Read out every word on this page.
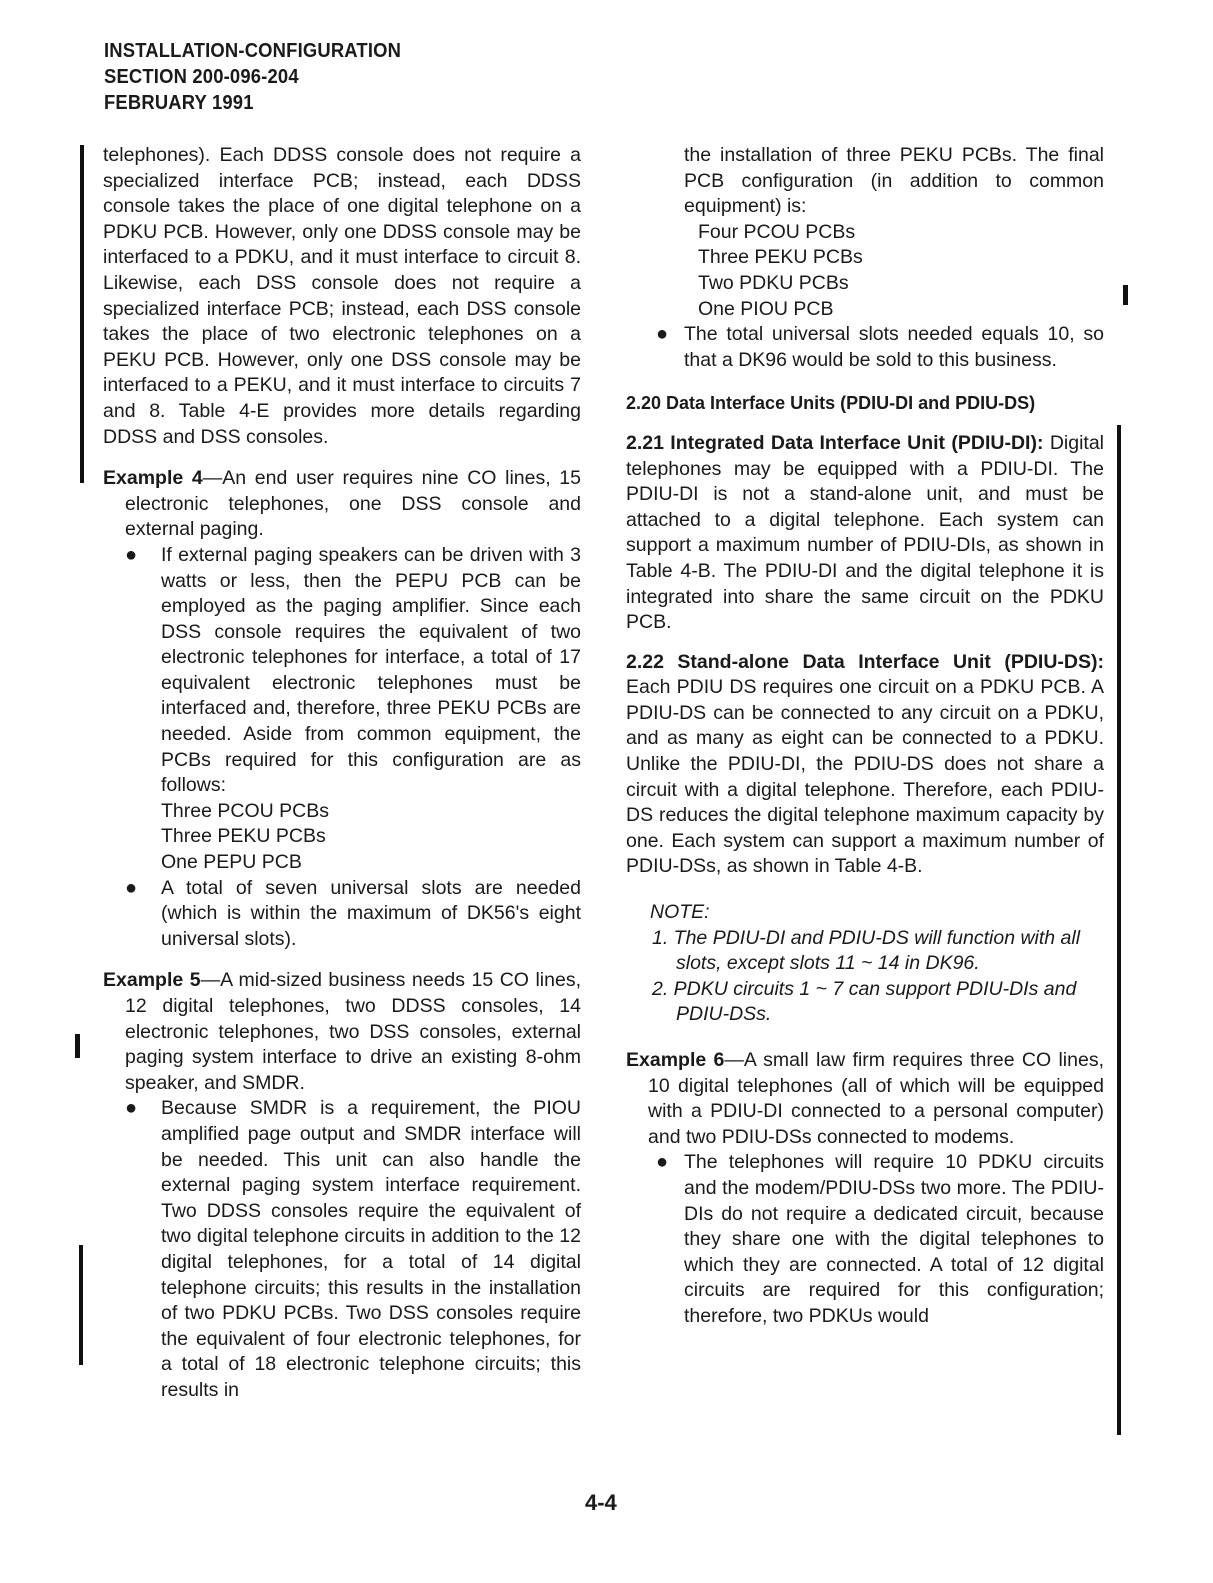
INSTALLATION-CONFIGURATION
SECTION 200-096-204
FEBRUARY 1991

telephones). Each DDSS console does not require a specialized interface PCB; instead, each DDSS console takes the place of one digital telephone on a PDKU PCB. However, only one DDSS console may be interfaced to a PDKU, and it must interface to circuit 8. Likewise, each DSS console does not require a specialized interface PCB; instead, each DSS console takes the place of two electronic telephones on a PEKU PCB. However, only one DSS console may be interfaced to a PEKU, and it must interface to circuits 7 and 8. Table 4-E provides more details regarding DDSS and DSS consoles.

Example 4—An end user requires nine CO lines, 15 electronic telephones, one DSS console and external paging.

● If external paging speakers can be driven with 3 watts or less, then the PEPU PCB can be employed as the paging amplifier. Since each DSS console requires the equivalent of two electronic telephones for interface, a total of 17 equivalent electronic telephones must be interfaced and, therefore, three PEKU PCBs are needed. Aside from common equipment, the PCBs required for this configuration are as follows:
Three PCOU PCBs
Three PEKU PCBs
One PEPU PCB
● A total of seven universal slots are needed (which is within the maximum of DK56's eight universal slots).

Example 5—A mid-sized business needs 15 CO lines, 12 digital telephones, two DDSS consoles, 14 electronic telephones, two DSS consoles, external paging system interface to drive an existing 8-ohm speaker, and SMDR.

● Because SMDR is a requirement, the PIOU amplified page output and SMDR interface will be needed. This unit can also handle the external paging system interface requirement. Two DDSS consoles require the equivalent of two digital telephone circuits in addition to the 12 digital telephones, for a total of 14 digital telephone circuits; this results in the installation of two PDKU PCBs. Two DSS consoles require the equivalent of four electronic telephones, for a total of 18 electronic telephone circuits; this results in
the installation of three PEKU PCBs. The final PCB configuration (in addition to common equipment) is:
Four PCOU PCBs
Three PEKU PCBs
Two PDKU PCBs
One PIOU PCB
● The total universal slots needed equals 10, so that a DK96 would be sold to this business.
2.20 Data Interface Units (PDIU-DI and PDIU-DS)

2.21 Integrated Data Interface Unit (PDIU-DI): Digital telephones may be equipped with a PDIU-DI. The PDIU-DI is not a stand-alone unit, and must be attached to a digital telephone. Each system can support a maximum number of PDIU-DIs, as shown in Table 4-B. The PDIU-DI and the digital telephone it is integrated into share the same circuit on the PDKU PCB.

2.22 Stand-alone Data Interface Unit (PDIU-DS): Each PDIU DS requires one circuit on a PDKU PCB. A PDIU-DS can be connected to any circuit on a PDKU, and as many as eight can be connected to a PDKU. Unlike the PDIU-DI, the PDIU-DS does not share a circuit with a digital telephone. Therefore, each PDIU-DS reduces the digital telephone maximum capacity by one. Each system can support a maximum number of PDIU-DSs, as shown in Table 4-B.

NOTE:
1. The PDIU-DI and PDIU-DS will function with all slots, except slots 11 ~ 14 in DK96.
2. PDKU circuits 1 ~ 7 can support PDIU-DIs and PDIU-DSs.

Example 6—A small law firm requires three CO lines, 10 digital telephones (all of which will be equipped with a PDIU-DI connected to a personal computer) and two PDIU-DSs connected to modems.

● The telephones will require 10 PDKU circuits and the modem/PDIU-DSs two more. The PDIU-DIs do not require a dedicated circuit, because they share one with the digital telephones to which they are connected. A total of 12 digital circuits are required for this configuration; therefore, two PDKUs would
4-4
